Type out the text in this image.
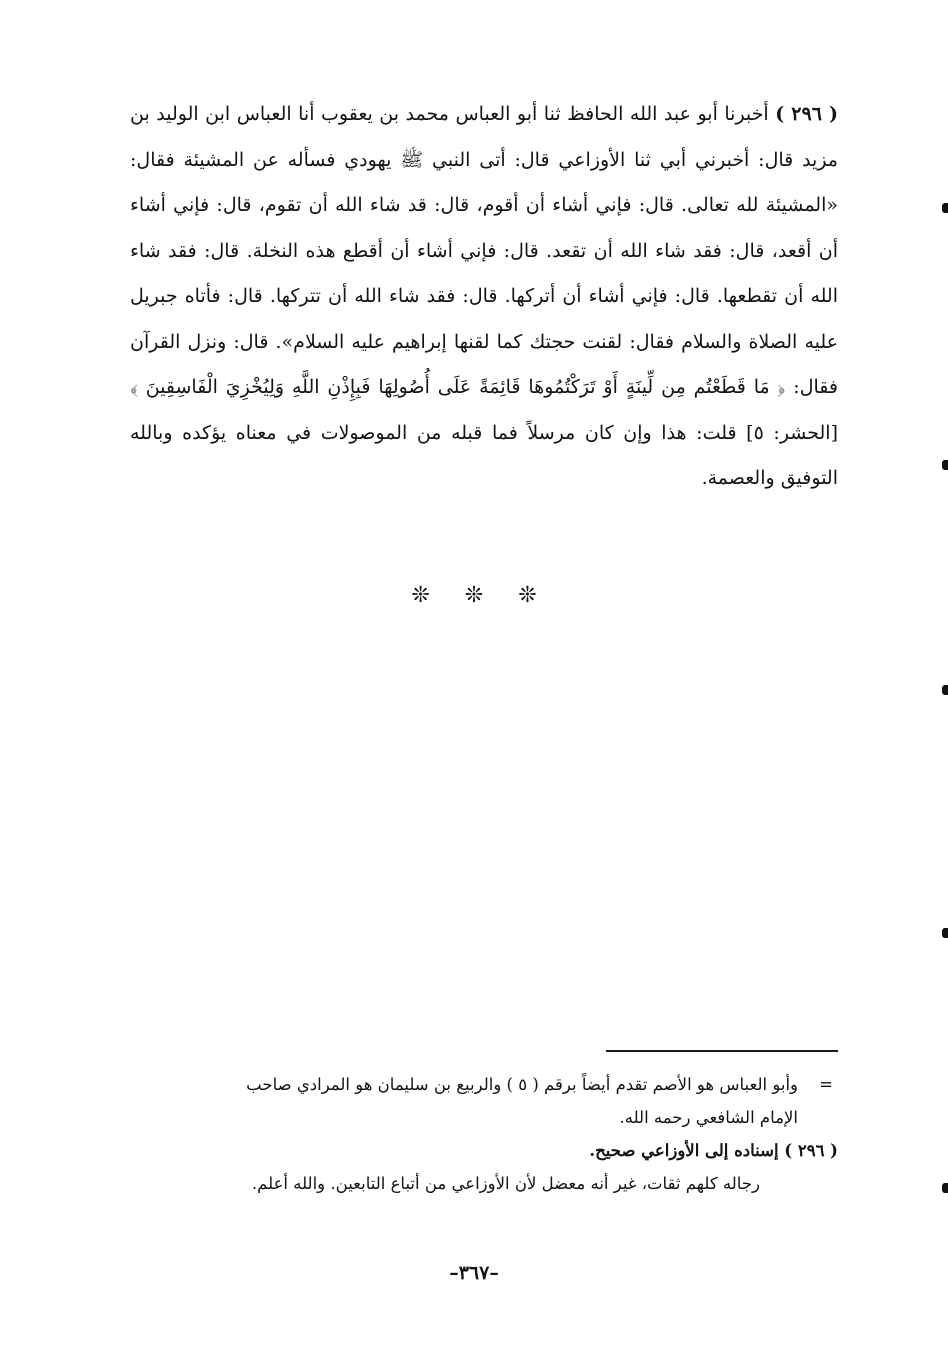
( ٢٩٦ ) أخبرنا أبو عبد الله الحافظ ثنا أبو العباس محمد بن يعقوب أنا العباس ابن الوليد بن مزيد قال: أخبرني أبي ثنا الأوزاعي قال: أتى النبي ﷺ يهودي فسأله عن المشيئة فقال: «المشيئة لله تعالى. قال: فإني أشاء أن أقوم، قال: قد شاء الله أن تقوم، قال: فإني أشاء أن أقعد، قال: فقد شاء الله أن تقعد. قال: فإني أشاء أن أقطع هذه النخلة. قال: فقد شاء الله أن تقطعها. قال: فإني أشاء أن أتركها. قال: فقد شاء الله أن تتركها. قال: فأتاه جبريل عليه الصلاة والسلام فقال: لقنت حجتك كما لقنها إبراهيم عليه السلام». قال: ونزل القرآن فقال: ﴿ مَا قَطَعْتُم مِن لِّينَةٍ أَوْ تَرَكْتُمُوهَا قَائِمَةً عَلَى أُصُولِهَا فَبِإِذْنِ اللَّهِ وَلِيُخْزِيَ الْفَاسِقِينَ ﴾ [الحشر: ٥] قلت: هذا وإن كان مرسلاً فما قبله من الموصولات في معناه يؤكده وبالله التوفيق والعصمة.
❊ ❊ ❊
=
وأبو العباس هو الأصم تقدم أيضاً برقم ( ٥ ) والربيع بن سليمان هو المرادي صاحب
الإمام الشافعي رحمه الله.
( ٢٩٦ ) إسناده إلى الأوزاعي صحيح.
رجاله كلهم ثقات، غير أنه معضل لأن الأوزاعي من أتباع التابعين. والله أعلم.
–٣٦٧–
